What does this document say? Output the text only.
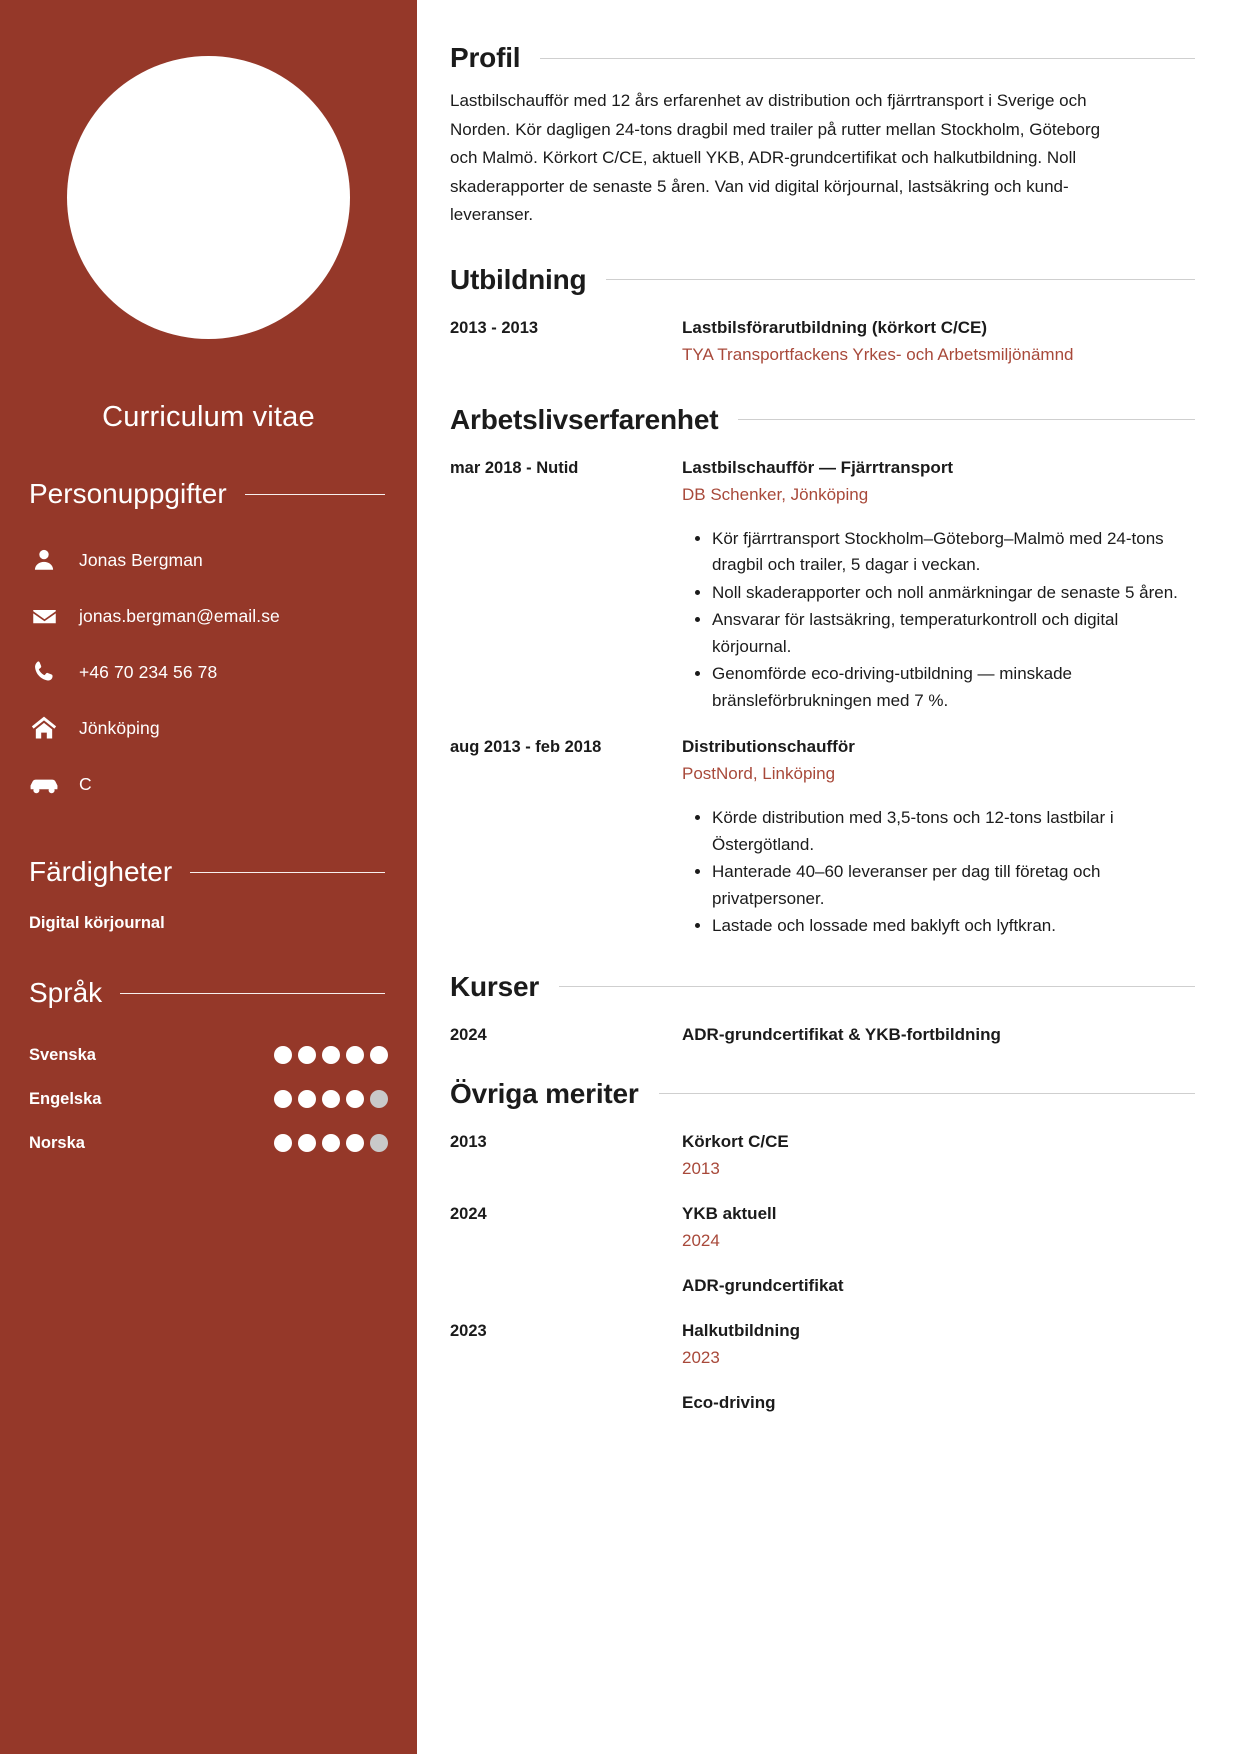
Curriculum vitae
Personuppgifter
Jonas Bergman
jonas.bergman@email.se
+46 70 234 56 78
Jönköping
C
Färdigheter
Digital körjournal
Språk
Svenska
Engelska
Norska
Profil

Lastbilschaufför med 12 års erfarenhet av distribution och fjärrtransport i Sverige och Norden. Kör dagligen 24-tons dragbil med trailer på rutter mellan Stockholm, Göteborg och Malmö. Körkort C/CE, aktuell YKB, ADR-grundcertifikat och halkutbildning. Noll skaderapporter de senaste 5 åren. Van vid digital körjournal, lastsäkring och kund-leveranser.

Utbildning
2013 - 2013	Lastbilsförarutbildning (körkort C/CE)
TYA Transportfackens Yrkes- och Arbetsmiljönämnd
Arbetslivserfarenhet
mar 2018 - Nutid	Lastbilschaufför — Fjärrtransport
DB Schenker, Jönköping
• Kör fjärrtransport Stockholm–Göteborg–Malmö med 24-tons dragbil och trailer, 5 dagar i veckan.
• Noll skaderapporter och noll anmärkningar de senaste 5 åren.
• Ansvarar för lastsäkring, temperaturkontroll och digital körjournal.
• Genomförde eco-driving-utbildning — minskade bränsleförbrukningen med 7 %.
aug 2013 - feb 2018	Distributionschaufför
PostNord, Linköping
• Körde distribution med 3,5-tons och 12-tons lastbilar i Östergötland.
• Hanterade 40–60 leveranser per dag till företag och privatpersoner.
• Lastade och lossade med baklyft och lyftkran.
Kurser
2024	ADR-grundcertifikat & YKB-fortbildning
Övriga meriter
2013	Körkort C/CE
2013
2024	YKB aktuell
2024
ADR-grundcertifikat
2023	Halkutbildning
2023
Eco-driving
